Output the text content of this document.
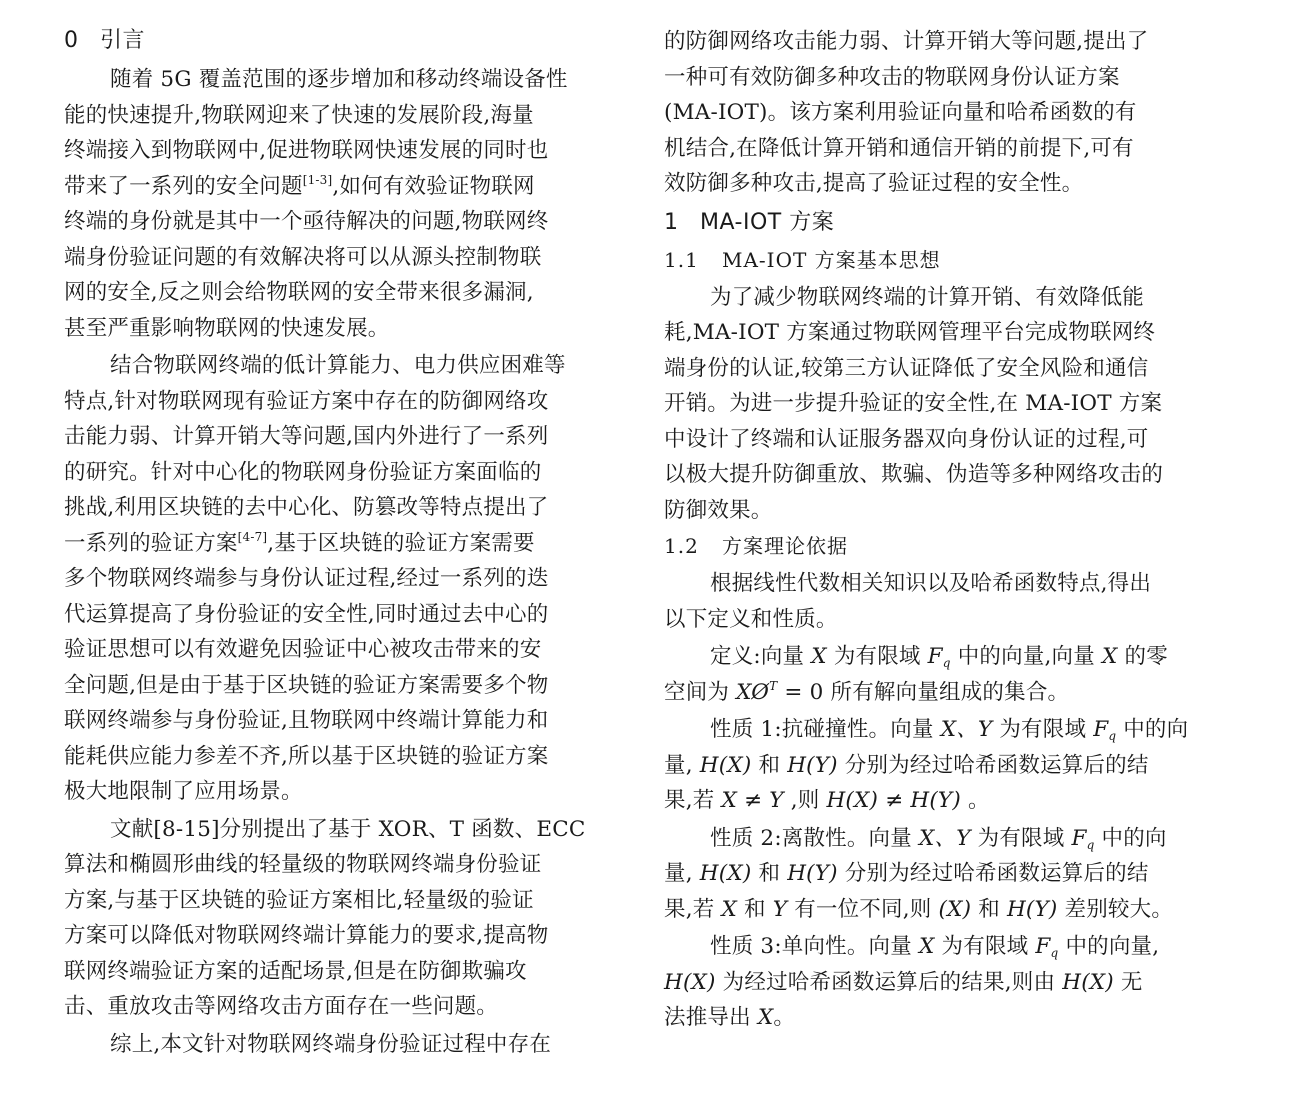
0 引言
随着 5G 覆盖范围的逐步增加和移动终端设备性
能的快速提升,物联网迎来了快速的发展阶段,海量
终端接入到物联网中,促进物联网快速发展的同时也
带来了一系列的安全问题[1-3],如何有效验证物联网
终端的身份就是其中一个亟待解决的问题,物联网终
端身份验证问题的有效解决将可以从源头控制物联
网的安全,反之则会给物联网的安全带来很多漏洞,
甚至严重影响物联网的快速发展。
结合物联网终端的低计算能力、电力供应困难等
特点,针对物联网现有验证方案中存在的防御网络攻
击能力弱、计算开销大等问题,国内外进行了一系列
的研究。针对中心化的物联网身份验证方案面临的
挑战,利用区块链的去中心化、防篡改等特点提出了
一系列的验证方案[4-7],基于区块链的验证方案需要
多个物联网终端参与身份认证过程,经过一系列的迭
代运算提高了身份验证的安全性,同时通过去中心的
验证思想可以有效避免因验证中心被攻击带来的安
全问题,但是由于基于区块链的验证方案需要多个物
联网终端参与身份验证,且物联网中终端计算能力和
能耗供应能力参差不齐,所以基于区块链的验证方案
极大地限制了应用场景。
文献[8-15]分别提出了基于 XOR、T 函数、ECC
算法和椭圆形曲线的轻量级的物联网终端身份验证
方案,与基于区块链的验证方案相比,轻量级的验证
方案可以降低对物联网终端计算能力的要求,提高物
联网终端验证方案的适配场景,但是在防御欺骗攻
击、重放攻击等网络攻击方面存在一些问题。
综上,本文针对物联网终端身份验证过程中存在
的防御网络攻击能力弱、计算开销大等问题,提出了
一种可有效防御多种攻击的物联网身份认证方案
(MA-IOT)。该方案利用验证向量和哈希函数的有
机结合,在降低计算开销和通信开销的前提下,可有
效防御多种攻击,提高了验证过程的安全性。
1 MA-IOT 方案
1.1 MA-IOT 方案基本思想
为了减少物联网终端的计算开销、有效降低能
耗,MA-IOT 方案通过物联网管理平台完成物联网终
端身份的认证,较第三方认证降低了安全风险和通信
开销。为进一步提升验证的安全性,在 MA-IOT 方案
中设计了终端和认证服务器双向身份认证的过程,可
以极大提升防御重放、欺骗、伪造等多种网络攻击的
防御效果。
1.2 方案理论依据
根据线性代数相关知识以及哈希函数特点,得出
以下定义和性质。
定义:向量 X 为有限域 $F_q$ 中的向量,向量 X 的零
空间为 $XØ^T = 0$ 所有解向量组成的集合。
性质 1:抗碰撞性。向量 X、Y 为有限域 $F_q$ 中的向
量, H(X) 和 H(Y) 分别为经过哈希函数运算后的结
果,若 X ≠ Y ,则 H(X) ≠ H(Y) 。
性质 2:离散性。向量 X、Y 为有限域 $F_q$ 中的向
量, H(X) 和 H(Y) 分别为经过哈希函数运算后的结
果,若 X 和 Y 有一位不同,则 (X) 和 H(Y) 差别较大。
性质 3:单向性。向量 X 为有限域 $F_q$ 中的向量,
H(X) 为经过哈希函数运算后的结果,则由 H(X) 无
法推导出 X。
